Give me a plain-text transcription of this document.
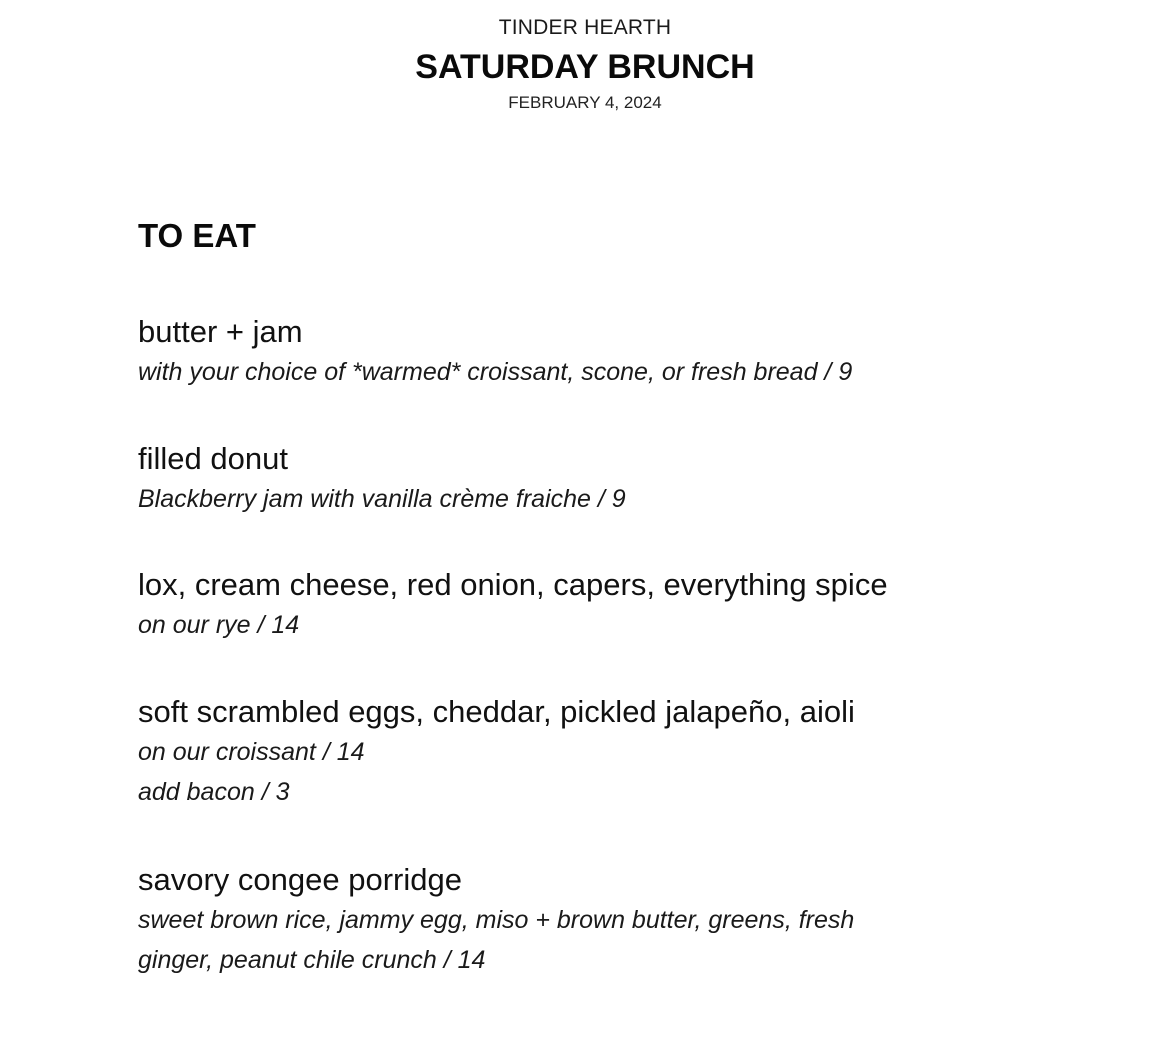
TINDER HEARTH
SATURDAY BRUNCH
FEBRUARY 4, 2024
TO EAT
butter + jam
with your choice of *warmed* croissant, scone, or fresh bread / 9
filled donut
Blackberry jam with vanilla crème fraiche / 9
lox, cream cheese, red onion, capers, everything spice
on our rye / 14
soft scrambled eggs, cheddar, pickled jalapeño, aioli
on our croissant / 14
add bacon / 3
savory congee porridge
sweet brown rice, jammy egg, miso + brown butter, greens, fresh
ginger, peanut chile crunch / 14
